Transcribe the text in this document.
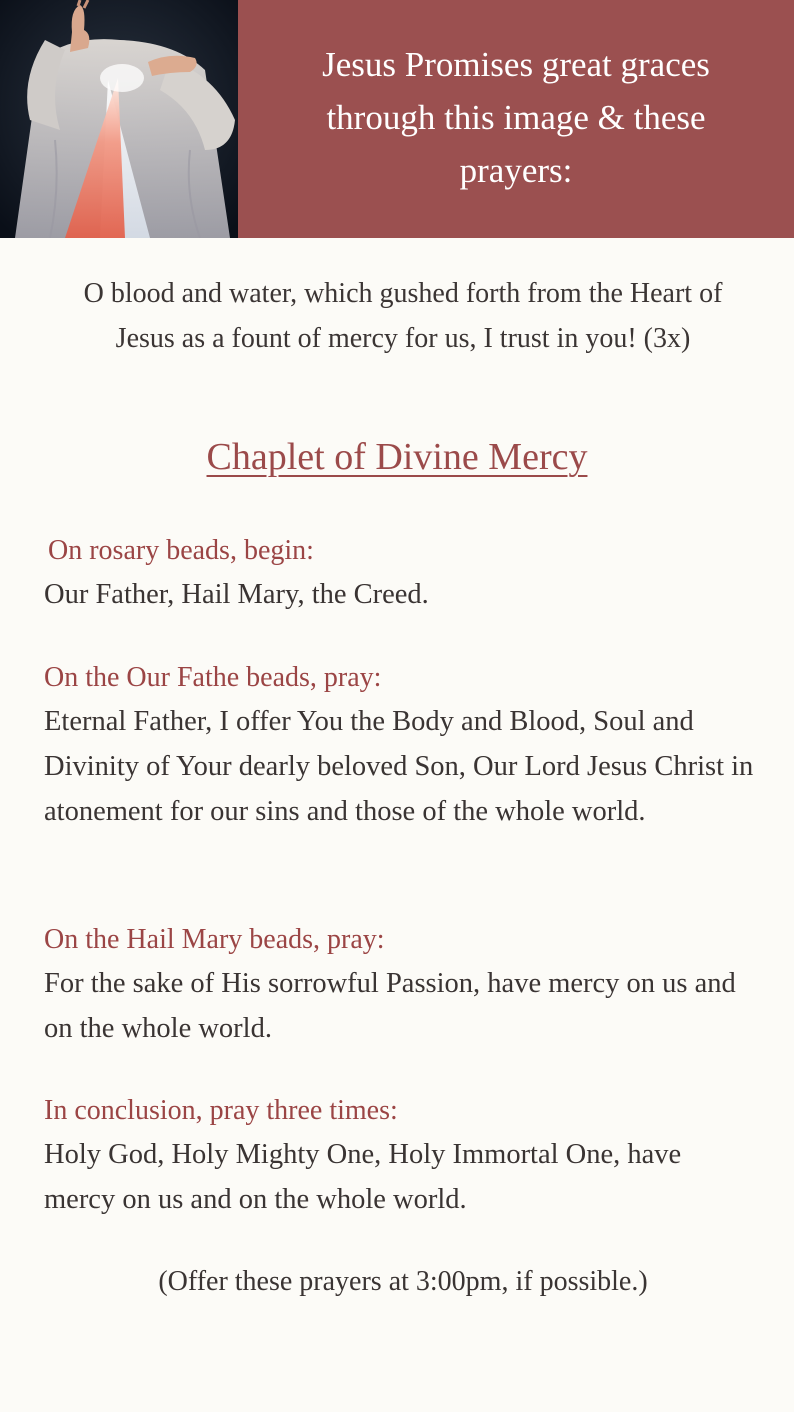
Jesus Promises great graces through this image & these prayers:
O blood and water, which gushed forth from the Heart of Jesus as a fount of mercy for us, I trust in you! (3x)
Chaplet of Divine Mercy
On rosary beads, begin:
Our Father, Hail Mary, the Creed.
On the Our Fathe beads, pray:
Eternal Father, I offer You the Body and Blood, Soul and Divinity of Your dearly beloved Son, Our Lord Jesus Christ in atonement for our sins and those of the whole world.
On the Hail Mary beads, pray:
For the sake of His sorrowful Passion, have mercy on us and on the whole world.
In conclusion, pray three times:
Holy God, Holy Mighty One, Holy Immortal One, have mercy on us and on the whole world.
(Offer these prayers at 3:00pm, if possible.)
